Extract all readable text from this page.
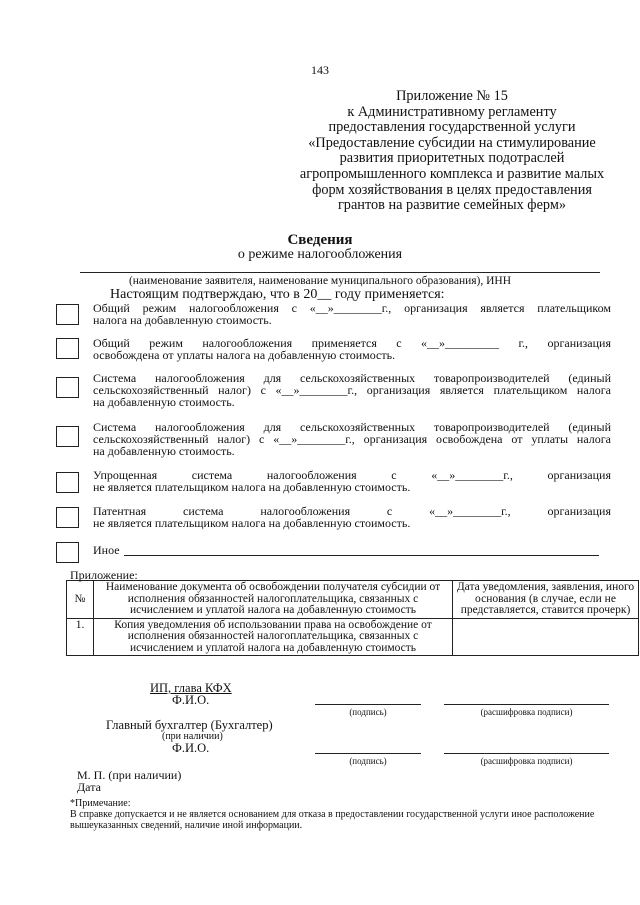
143
Приложение № 15
к Административному регламенту
предоставления государственной услуги
«Предоставление субсидии на стимулирование
развития приоритетных подотраслей
агропромышленного комплекса и развитие малых
форм хозяйствования в целях предоставления
грантов на развитие семейных ферм»
Сведения
о режиме налогообложения
(наименование заявителя, наименование муниципального образования), ИНН
Настоящим подтверждаю, что в 20__ году применяется:
Общий режим налогообложения с «__»________г., организация является плательщиком
налога на добавленную стоимость.
Общий режим налогообложения применяется с «__»_________ г., организация
освобождена от уплаты налога на добавленную стоимость.
Система налогообложения для сельскохозяйственных товаропроизводителей (единый
сельскохозяйственный налог) с «__»________г., организация является плательщиком налога
на добавленную стоимость.
Система налогообложения для сельскохозяйственных товаропроизводителей (единый
сельскохозяйственный налог) с «__»________г., организация освобождена от уплаты налога
на добавленную стоимость.
Упрощенная система налогообложения с «__»________г., организация
не является плательщиком налога на добавленную стоимость.
Патентная система налогообложения с «__»________г., организация
не является плательщиком налога на добавленную стоимость.
Иное
Приложение:
№	Наименование документа об освобождении получателя субсидии от исполнения обязанностей налогоплательщика, связанных с исчислением и уплатой налога на добавленную стоимость	Дата уведомления, заявления, иного основания (в случае, если не представляется, ставится прочерк)
1.	Копия уведомления об использовании права на освобождение от исполнения обязанностей налогоплательщика, связанных с исчислением и уплатой налога на добавленную стоимость	
ИП, глава КФХ
Ф.И.О.
(подпись)	(расшифровка подписи)
Главный бухгалтер (Бухгалтер)
(при наличии)
Ф.И.О.
(подпись)	(расшифровка подписи)
М. П. (при наличии)
Дата
*Примечание:
В справке допускается и не является основанием для отказа в предоставлении государственной услуги иное расположение вышеуказанных сведений, наличие иной информации.
